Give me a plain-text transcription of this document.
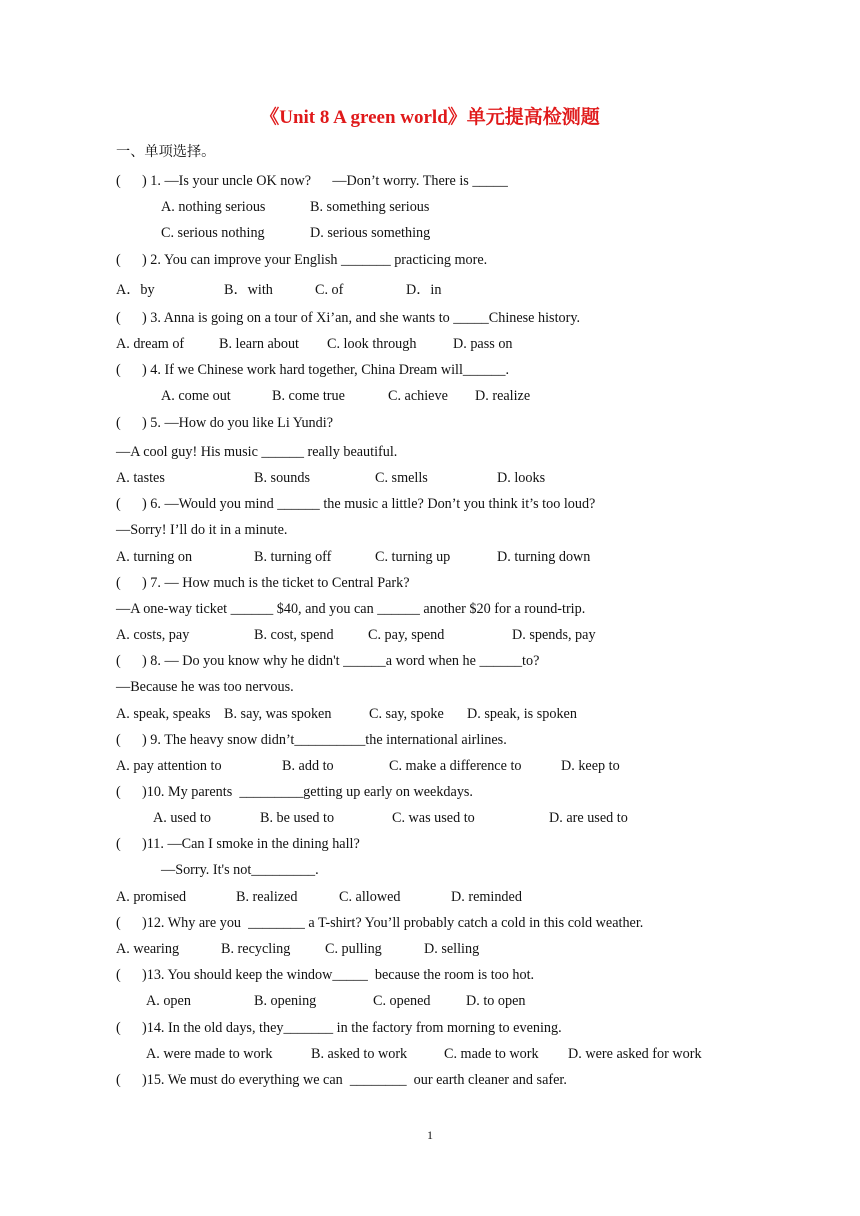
《Unit 8 A green world》单元提高检测题
一、单项选择。
(      ) 1. —Is your uncle OK now?      —Don’t worry. There is _____
A. nothing serious	B. something serious
C. serious nothing	D. serious something
(      ) 2. You can improve your English _______ practicing more.
A．by	B．with	C. of	D．in
(      ) 3. Anna is going on a tour of Xi’an, and she wants to _____Chinese history.
A. dream of B. learn about C. look through	D. pass on
(      ) 4. If we Chinese work hard together, China Dream will______.
A. come out	B. come true	C. achieve D. realize
(      ) 5. —How do you like Li Yundi?
—A cool guy! His music ______ really beautiful.
A. tastes	B. sounds	C. smells	D. looks
(      ) 6. —Would you mind ______ the music a little? Don’t you think it’s too loud?
—Sorry! I’ll do it in a minute.
A. turning on	B. turning off	C. turning up	D. turning down
(      ) 7. — How much is the ticket to Central Park?
—A one-way ticket ______ $40, and you can ______ another $20 for a round-trip.
A. costs, pay	B. cost, spend C. pay, spend	D. spends, pay
(      ) 8. — Do you know why he didn't ______a word when he ______to?
—Because he was too nervous.
A. speak, speaks B. say, was spoken	C. say, spoke D. speak, is spoken
(      ) 9. The heavy snow didn’t__________the international airlines.
A. pay attention to	B. add to	C. make a difference to	D. keep to
(      )10. My parents  _________getting up early on weekdays.
A. used to	B. be used to	C. was used to	D. are used to
(      )11. —Can I smoke in the dining hall?
—Sorry. It's not_________.
A. promised	B. realized	C. allowed	D. reminded
(      )12. Why are you  ________ a T-shirt? You’ll probably catch a cold in this cold weather.
A. wearing	B. recycling C. pulling	D. selling
(      )13. You should keep the window_____  because the room is too hot.
A. open	B. opening	C. opened D. to open
(      )14. In the old days, they_______ in the factory from morning to evening.
A. were made to work	B. asked to work	C. made to work D. were asked for work
(      )15. We must do everything we can  ________  our earth cleaner and safer.
1
